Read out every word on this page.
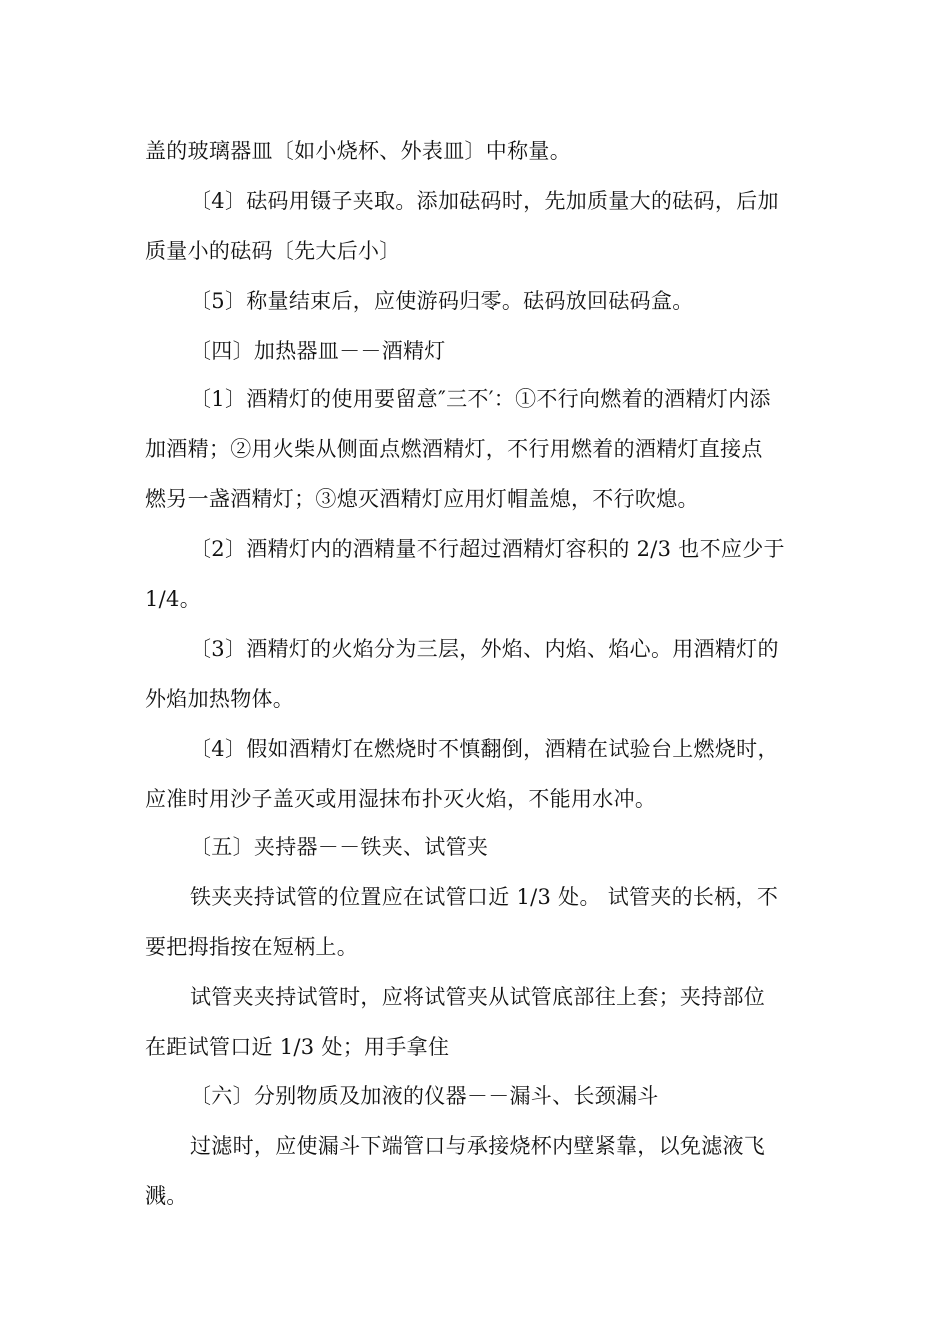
盖的玻璃器皿〔如小烧杯、外表皿〕中称量。
〔4〕砝码用镊子夹取。添加砝码时，先加质量大的砝码，后加
质量小的砝码〔先大后小〕
〔5〕称量结束后，应使游码归零。砝码放回砝码盒。
〔四〕加热器皿－－酒精灯
〔1〕酒精灯的使用要留意″三不′：①不行向燃着的酒精灯内添
加酒精；②用火柴从侧面点燃酒精灯，不行用燃着的酒精灯直接点
燃另一盏酒精灯；③熄灭酒精灯应用灯帽盖熄，不行吹熄。
〔2〕酒精灯内的酒精量不行超过酒精灯容积的 2/3 也不应少于
1/4。
〔3〕酒精灯的火焰分为三层，外焰、内焰、焰心。用酒精灯的
外焰加热物体。
〔4〕假如酒精灯在燃烧时不慎翻倒，酒精在试验台上燃烧时，
应准时用沙子盖灭或用湿抹布扑灭火焰，不能用水冲。
〔五〕夹持器－－铁夹、试管夹
铁夹夹持试管的位置应在试管口近 1/3 处。 试管夹的长柄，不
要把拇指按在短柄上。
试管夹夹持试管时，应将试管夹从试管底部往上套；夹持部位
在距试管口近 1/3 处；用手拿住
〔六〕分别物质及加液的仪器－－漏斗、长颈漏斗
过滤时，应使漏斗下端管口与承接烧杯内壁紧靠，以免滤液飞
溅。
